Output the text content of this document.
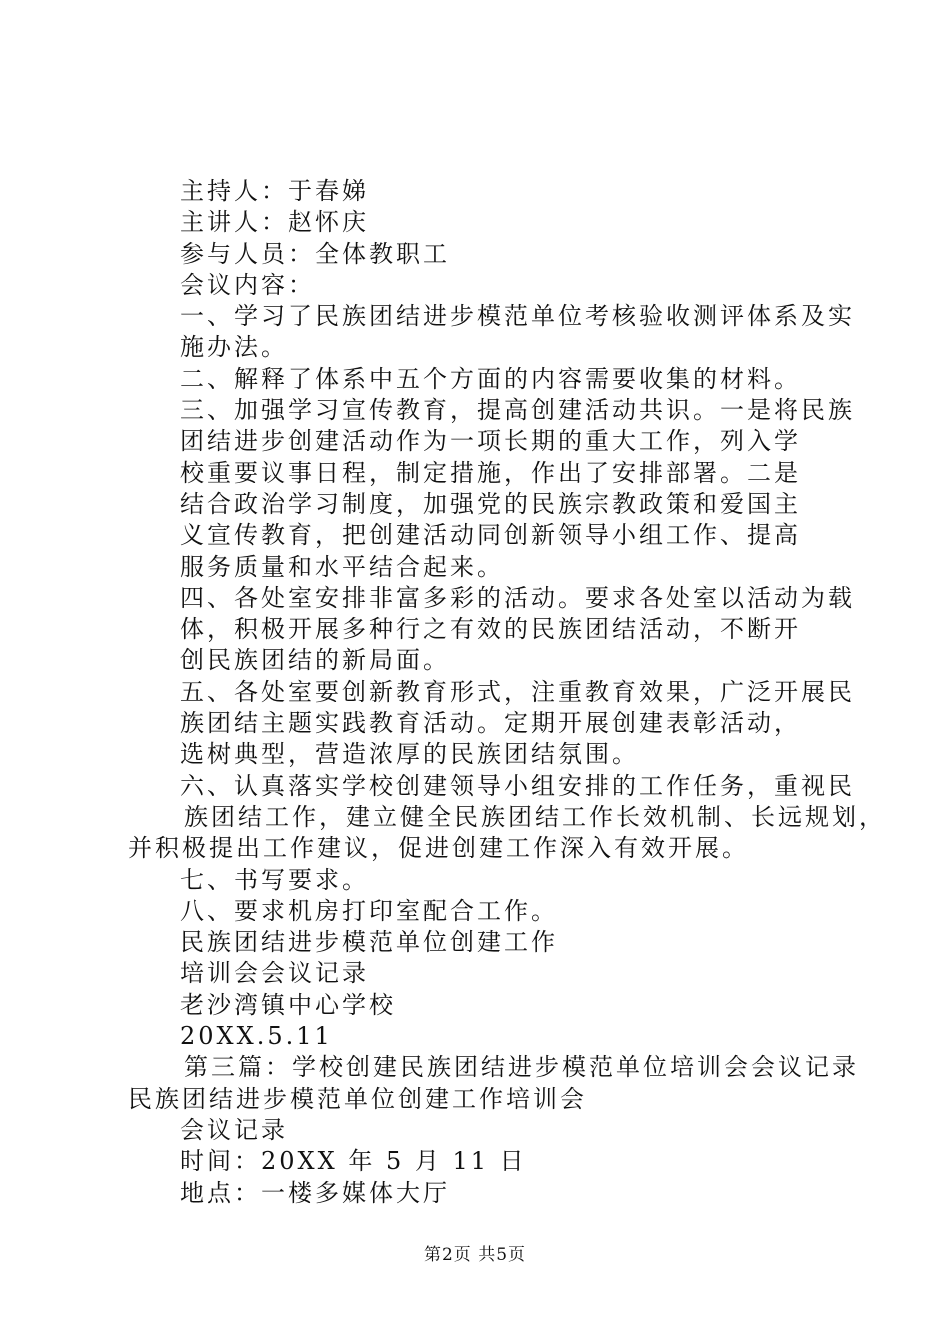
主持人：于春娣
主讲人：赵怀庆
参与人员：全体教职工
会议内容：
一、学习了民族团结进步模范单位考核验收测评体系及实
施办法。
二、解释了体系中五个方面的内容需要收集的材料。
三、加强学习宣传教育，提高创建活动共识。一是将民族
团结进步创建活动作为一项长期的重大工作，列入学
校重要议事日程，制定措施，作出了安排部署。二是
结合政治学习制度，加强党的民族宗教政策和爱国主
义宣传教育，把创建活动同创新领导小组工作、提高
服务质量和水平结合起来。
四、各处室安排非富多彩的活动。要求各处室以活动为载
体，积极开展多种行之有效的民族团结活动，不断开
创民族团结的新局面。
五、各处室要创新教育形式，注重教育效果，广泛开展民
族团结主题实践教育活动。定期开展创建表彰活动，
选树典型，营造浓厚的民族团结氛围。
六、认真落实学校创建领导小组安排的工作任务，重视民
族团结工作，建立健全民族团结工作长效机制、长远规划，
并积极提出工作建议，促进创建工作深入有效开展。
七、书写要求。
八、要求机房打印室配合工作。
民族团结进步模范单位创建工作
培训会会议记录
老沙湾镇中心学校
20XX.5.11
第三篇：学校创建民族团结进步模范单位培训会会议记录
民族团结进步模范单位创建工作培训会
会议记录
时间：20XX 年 5 月 11 日
地点：一楼多媒体大厅
第2页 共5页
